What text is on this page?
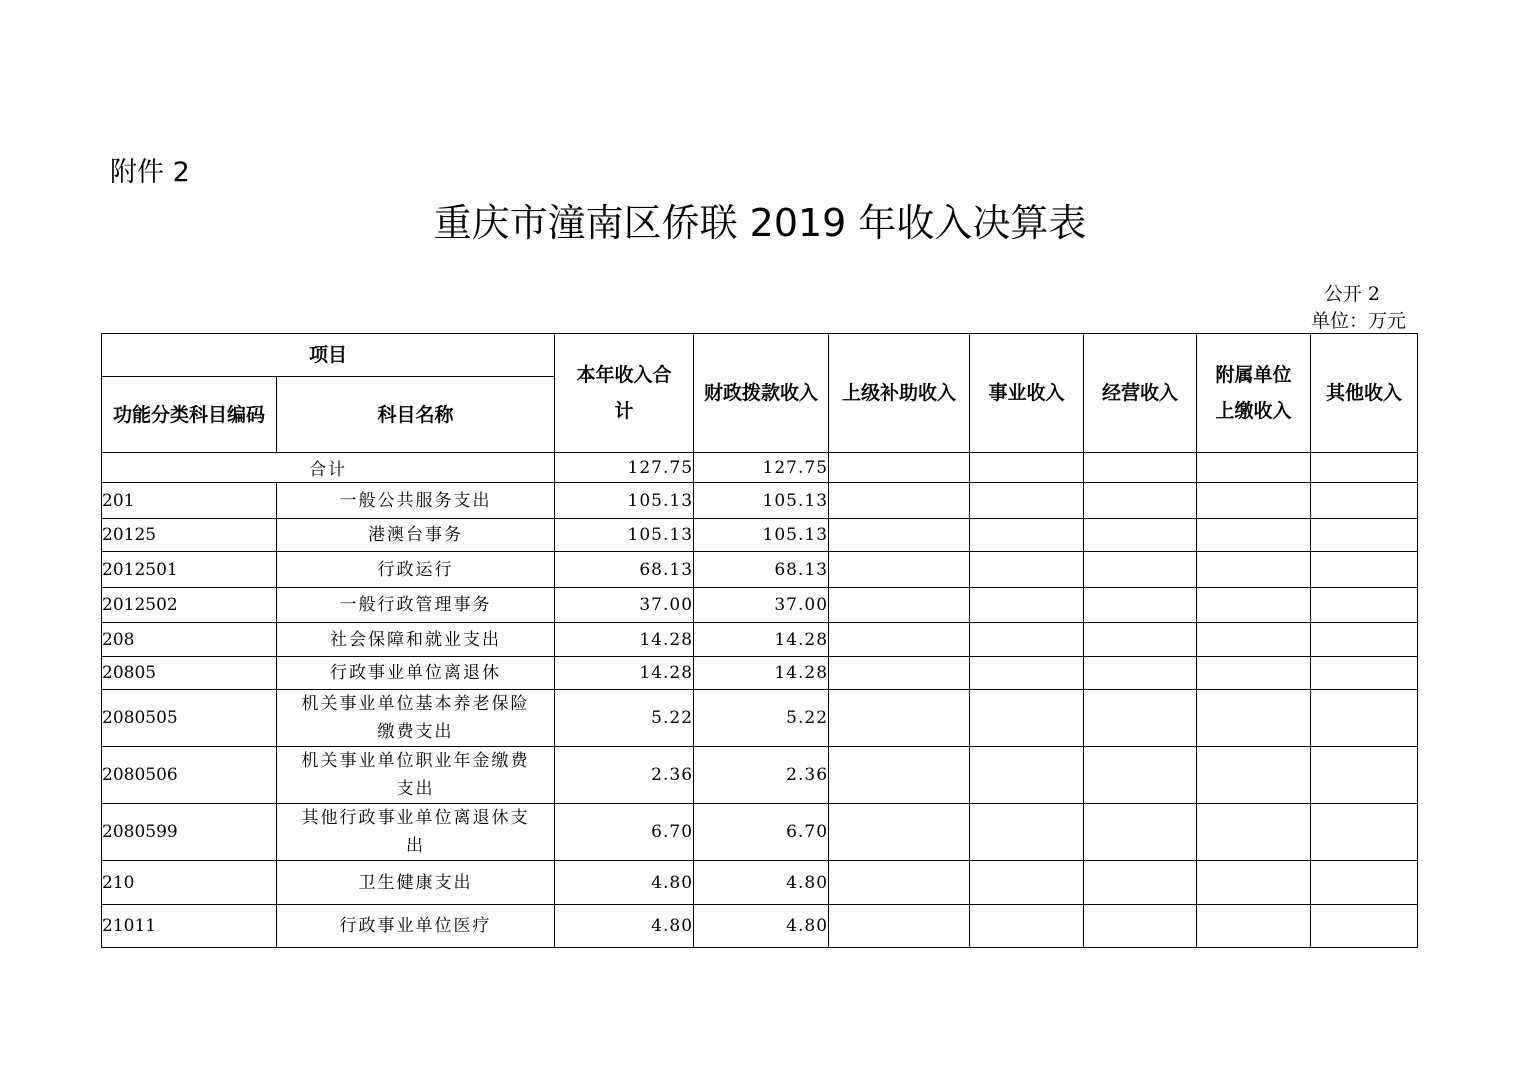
附件 2
重庆市潼南区侨联 2019 年收入决算表
公开 2
单位：万元
项目		本年收入合计	财政拨款收入	上级补助收入	事业收入	经营收入	附属单位上缴收入	其他收入

功能分类科目编码	科目名称							
合计		127.75	127.75					
201	一般公共服务支出	105.13	105.13					
20125	港澳台事务	105.13	105.13					
2012501	行政运行	68.13	68.13					
2012502	一般行政管理事务	37.00	37.00					
208	社会保障和就业支出	14.28	14.28					
20805	行政事业单位离退休	14.28	14.28					
2080505	机关事业单位基本养老保险缴费支出	5.22	5.22					
2080506	机关事业单位职业年金缴费支出	2.36	2.36					
2080599	其他行政事业单位离退休支出	6.70	6.70					
210	卫生健康支出	4.80	4.80					
21011	行政事业单位医疗	4.80	4.80					
